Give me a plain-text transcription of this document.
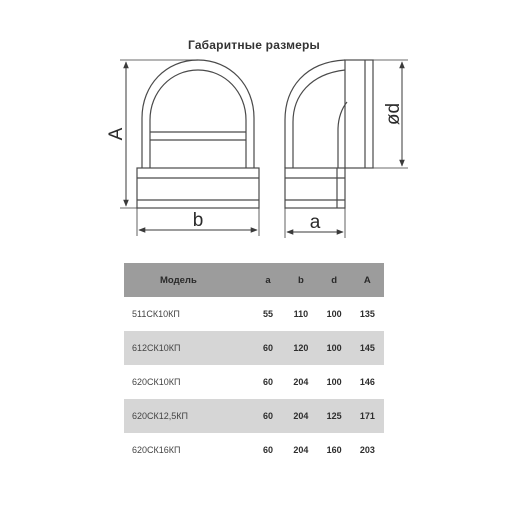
Габаритные размеры
A
b
ød
a
Модель	a	b	d	A
511СК10КП	55	110	100	135
612СК10КП	60	120	100	145
620СК10КП	60	204	100	146
620СК12,5КП	60	204	125	171
620СК16КП	60	204	160	203
